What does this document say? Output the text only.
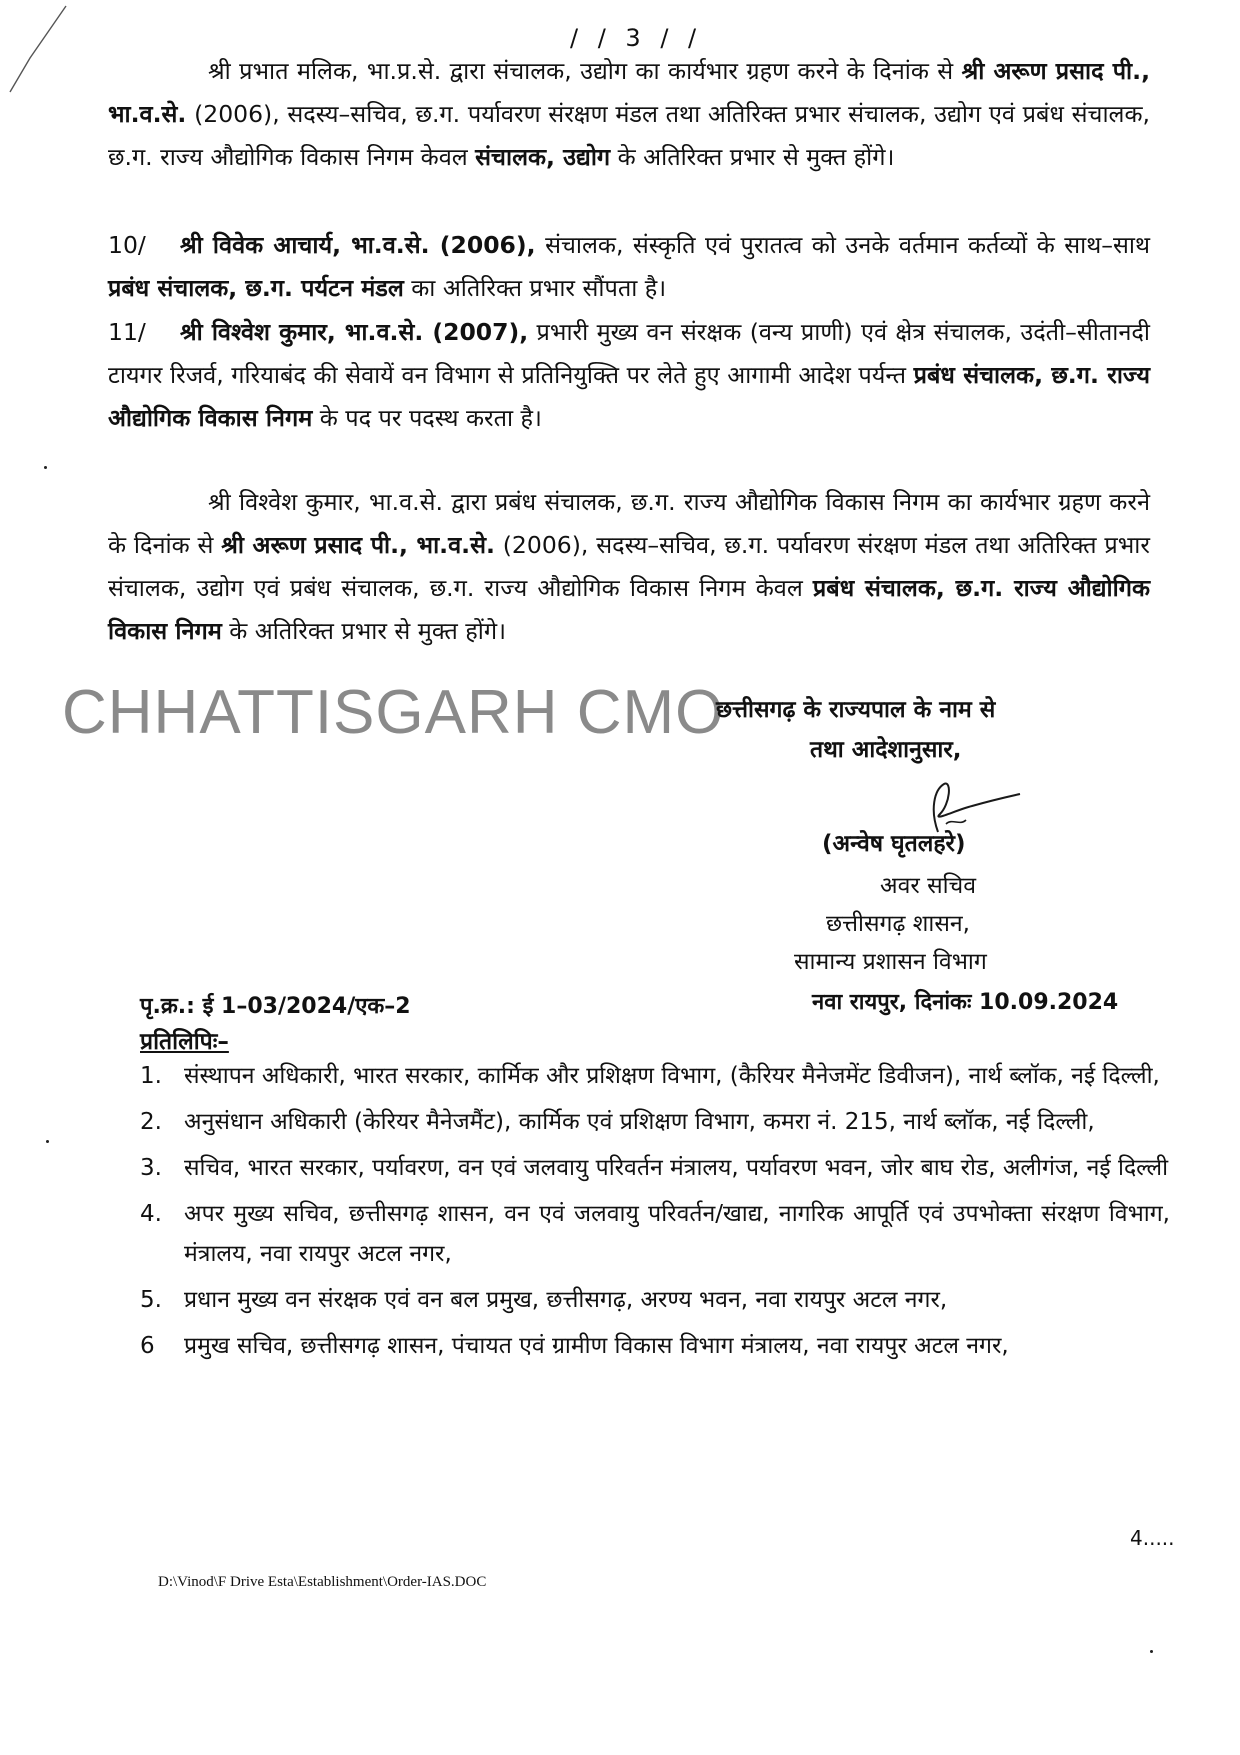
/ / 3 / /
श्री प्रभात मलिक, भा.प्र.से. द्वारा संचालक, उद्योग का कार्यभार ग्रहण करने के दिनांक से श्री अरूण प्रसाद पी., भा.व.से. (2006), सदस्य–सचिव, छ.ग. पर्यावरण संरक्षण मंडल तथा अतिरिक्त प्रभार संचालक, उद्योग एवं प्रबंध संचालक, छ.ग. राज्य औद्योगिक विकास निगम केवल संचालक, उद्योग के अतिरिक्त प्रभार से मुक्त होंगे।
10/ श्री विवेक आचार्य, भा.व.से. (2006), संचालक, संस्कृति एवं पुरातत्व को उनके वर्तमान कर्तव्यों के साथ–साथ प्रबंध संचालक, छ.ग. पर्यटन मंडल का अतिरिक्त प्रभार सौंपता है।
11/ श्री विश्वेश कुमार, भा.व.से. (2007), प्रभारी मुख्य वन संरक्षक (वन्य प्राणी) एवं क्षेत्र संचालक, उदंती–सीतानदी टायगर रिजर्व, गरियाबंद की सेवायें वन विभाग से प्रतिनियुक्ति पर लेते हुए आगामी आदेश पर्यन्त प्रबंध संचालक, छ.ग. राज्य औद्योगिक विकास निगम के पद पर पदस्थ करता है।
श्री विश्वेश कुमार, भा.व.से. द्वारा प्रबंध संचालक, छ.ग. राज्य औद्योगिक विकास निगम का कार्यभार ग्रहण करने के दिनांक से श्री अरूण प्रसाद पी., भा.व.से. (2006), सदस्य–सचिव, छ.ग. पर्यावरण संरक्षण मंडल तथा अतिरिक्त प्रभार संचालक, उद्योग एवं प्रबंध संचालक, छ.ग. राज्य औद्योगिक विकास निगम केवल प्रबंध संचालक, छ.ग. राज्य औद्योगिक विकास निगम के अतिरिक्त प्रभार से मुक्त होंगे।
CHHATTISGARH CMO
छत्तीसगढ़ के राज्यपाल के नाम से
तथा आदेशानुसार,
(अन्वेष घृतलहरे)
अवर सचिव
छत्तीसगढ़ शासन,
सामान्य प्रशासन विभाग
पृ.क्र.: ई 1–03/2024/एक–2	नवा रायपुर, दिनांकः 10.09.2024
प्रतिलिपिः–
1. संस्थापन अधिकारी, भारत सरकार, कार्मिक और प्रशिक्षण विभाग, (कैरियर मैनेजमेंट डिवीजन), नार्थ ब्लॉक, नई दिल्ली,
2. अनुसंधान अधिकारी (केरियर मैनेजमैंट), कार्मिक एवं प्रशिक्षण विभाग, कमरा नं. 215, नार्थ ब्लॉक, नई दिल्ली,
3. सचिव, भारत सरकार, पर्यावरण, वन एवं जलवायु परिवर्तन मंत्रालय, पर्यावरण भवन, जोर बाघ रोड, अलीगंज, नई दिल्ली
4. अपर मुख्य सचिव, छत्तीसगढ़ शासन, वन एवं जलवायु परिवर्तन/खाद्य, नागरिक आपूर्ति एवं उपभोक्ता संरक्षण विभाग, मंत्रालय, नवा रायपुर अटल नगर,
5. प्रधान मुख्य वन संरक्षक एवं वन बल प्रमुख, छत्तीसगढ़, अरण्य भवन, नवा रायपुर अटल नगर,
6 प्रमुख सचिव, छत्तीसगढ़ शासन, पंचायत एवं ग्रामीण विकास विभाग मंत्रालय, नवा रायपुर अटल नगर,
4.....
D:\Vinod\F Drive Esta\Establishment\Order-IAS.DOC
